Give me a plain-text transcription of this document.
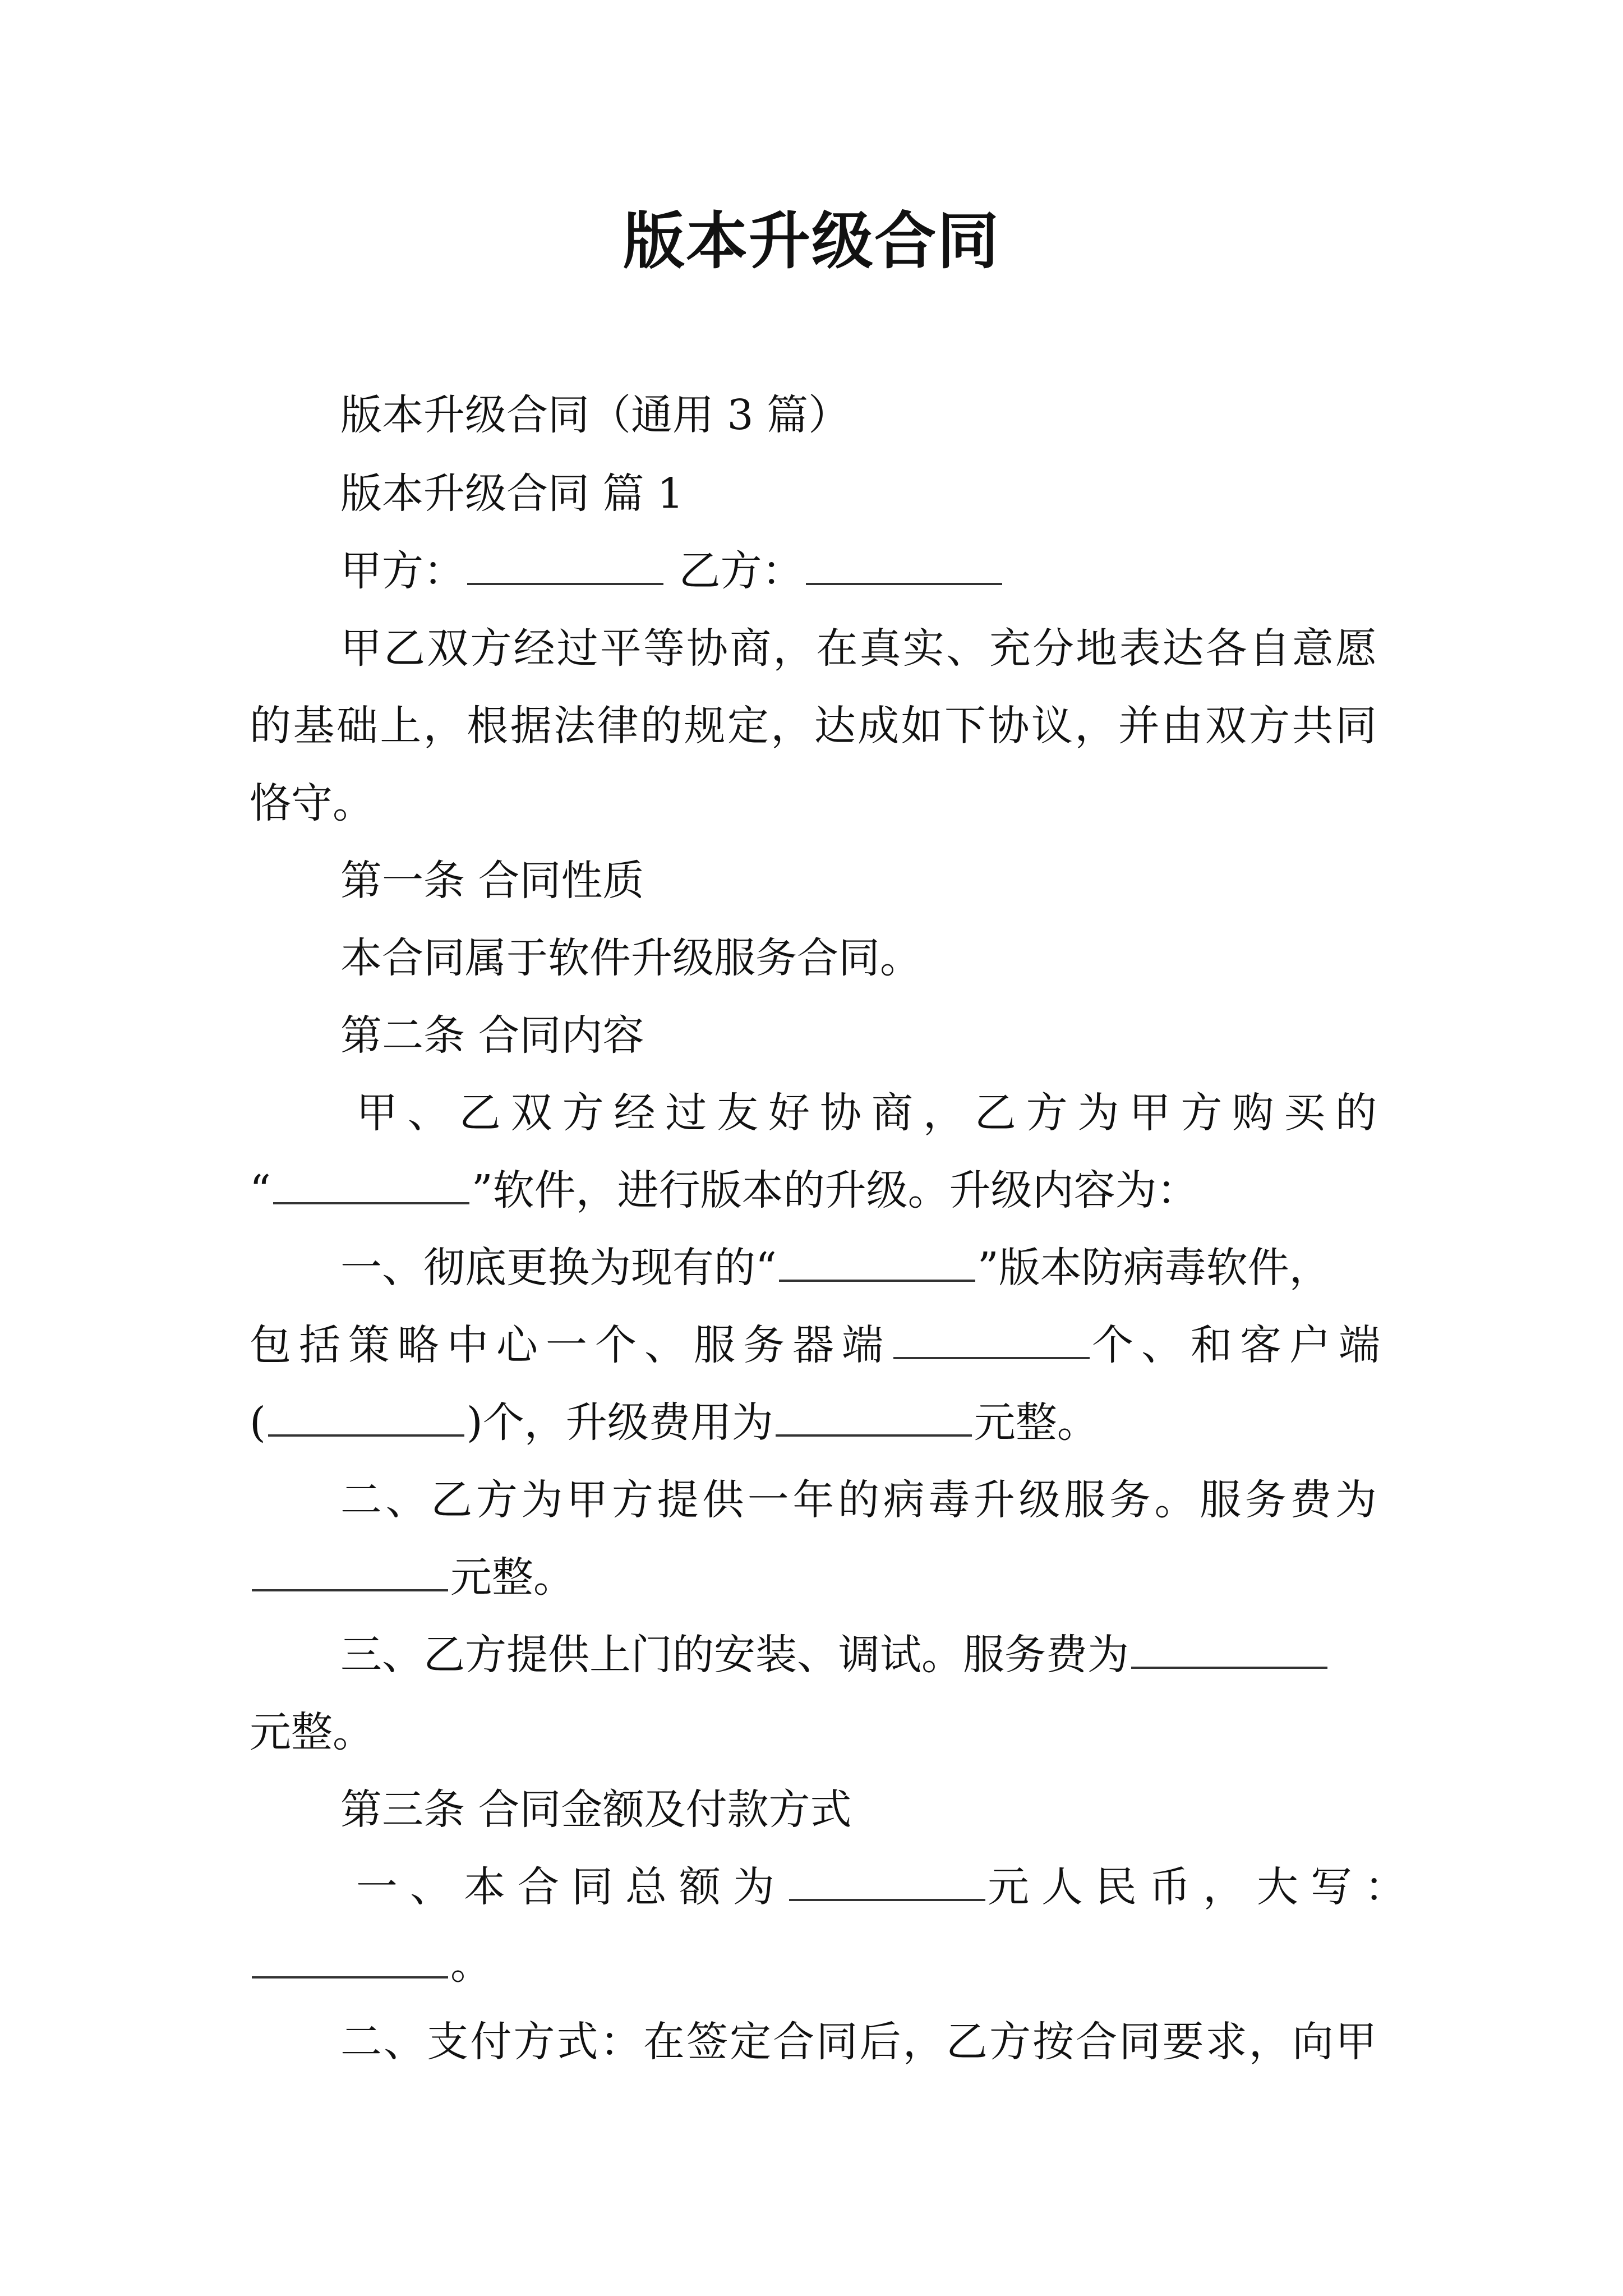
版本升级合同
版本升级合同（通用 3 篇）
版本升级合同 篇 1
甲方：	乙方：
甲乙双方经过平等协商，在真实、充分地表达各自意愿
的基础上，根据法律的规定，达成如下协议，并由双方共同
恪守。
第一条 合同性质
本合同属于软件升级服务合同。
第二条 合同内容
甲、乙双方经过友好协商，乙方为甲方购买的
“	”软件，进行版本的升级。升级内容为：
一、彻底更换为现有的“	”版本防病毒软件，
包括策略中心一个、服务器端	个、和客户端
(	)个，升级费用为	元整。
二、乙方为甲方提供一年的病毒升级服务。服务费为
元整。
三、乙方提供上门的安装、调试。服务费为
元整。
第三条 合同金额及付款方式
一、本合同总额为	元人民币，大写：
。
二、支付方式：在签定合同后，乙方按合同要求，向甲
